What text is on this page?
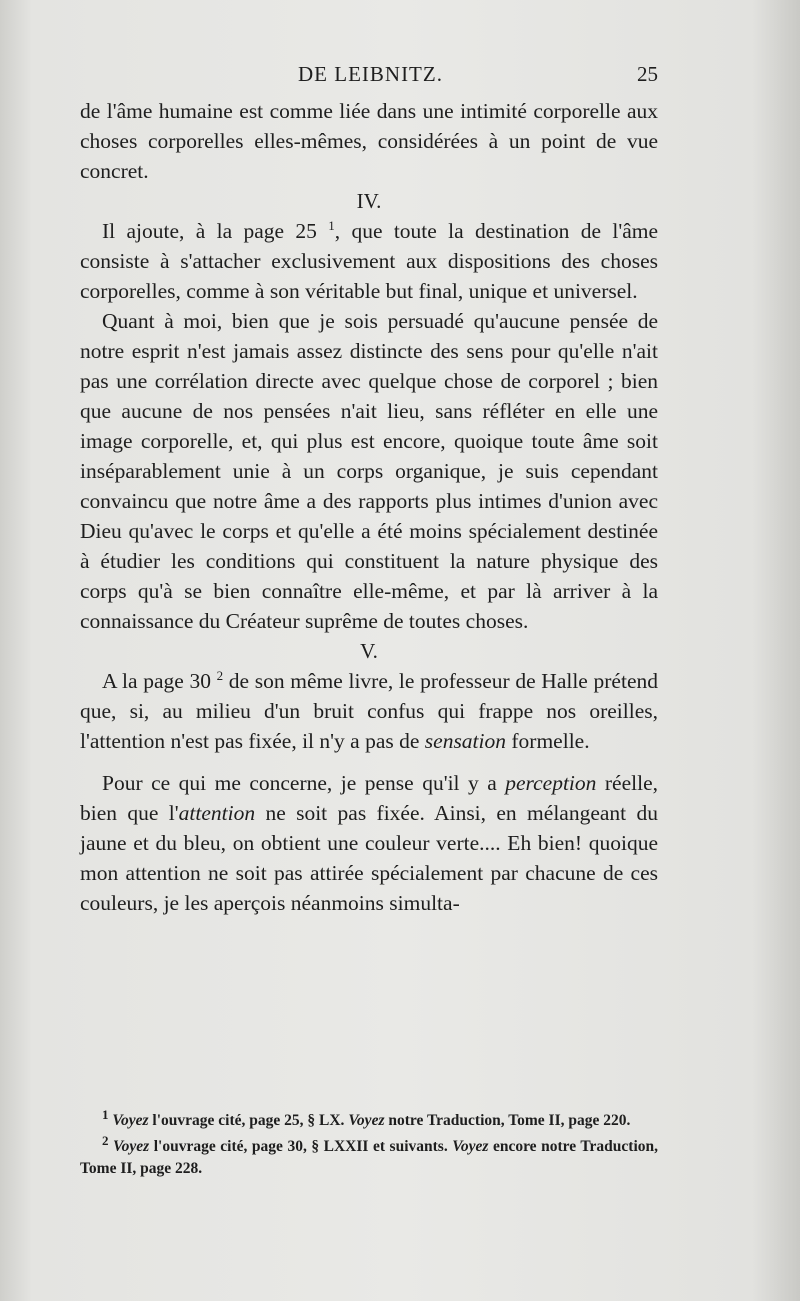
DE LEIBNITZ.	25

de l'âme humaine est comme liée dans une intimité corporelle aux choses corporelles elles-mêmes, considérées à un point de vue concret.

IV.

Il ajoute, à la page 25 $^1$, que toute la destination de l'âme consiste à s'attacher exclusivement aux dispositions des choses corporelles, comme à son véritable but final, unique et universel.

Quant à moi, bien que je sois persuadé qu'aucune pensée de notre esprit n'est jamais assez distincte des sens pour qu'elle n'ait pas une corrélation directe avec quelque chose de corporel ; bien que aucune de nos pensées n'ait lieu, sans réfléter en elle une image corporelle, et, qui plus est encore, quoique toute âme soit inséparablement unie à un corps organique, je suis cependant convaincu que notre âme a des rapports plus intimes d'union avec Dieu qu'avec le corps et qu'elle a été moins spécialement destinée à étudier les conditions qui constituent la nature physique des corps qu'à se bien connaître elle-même, et par là arriver à la connaissance du Créateur suprême de toutes choses.

V.

A la page 30 $^2$ de son même livre, le professeur de Halle prétend que, si, au milieu d'un bruit confus qui frappe nos oreilles, l'attention n'est pas fixée, il n'y a pas de sensation formelle.

Pour ce qui me concerne, je pense qu'il y a perception réelle, bien que l'attention ne soit pas fixée. Ainsi, en mélangeant du jaune et du bleu, on obtient une couleur verte.... Eh bien! quoique mon attention ne soit pas attirée spécialement par chacune de ces couleurs, je les aperçois néanmoins simulta-

$^1$ Voyez l'ouvrage cité, page 25, § LX. Voyez notre Traduction, Tome II, page 220.

$^2$ Voyez l'ouvrage cité, page 30, § LXXII et suivants. Voyez encore notre Traduction, Tome II, page 228.
